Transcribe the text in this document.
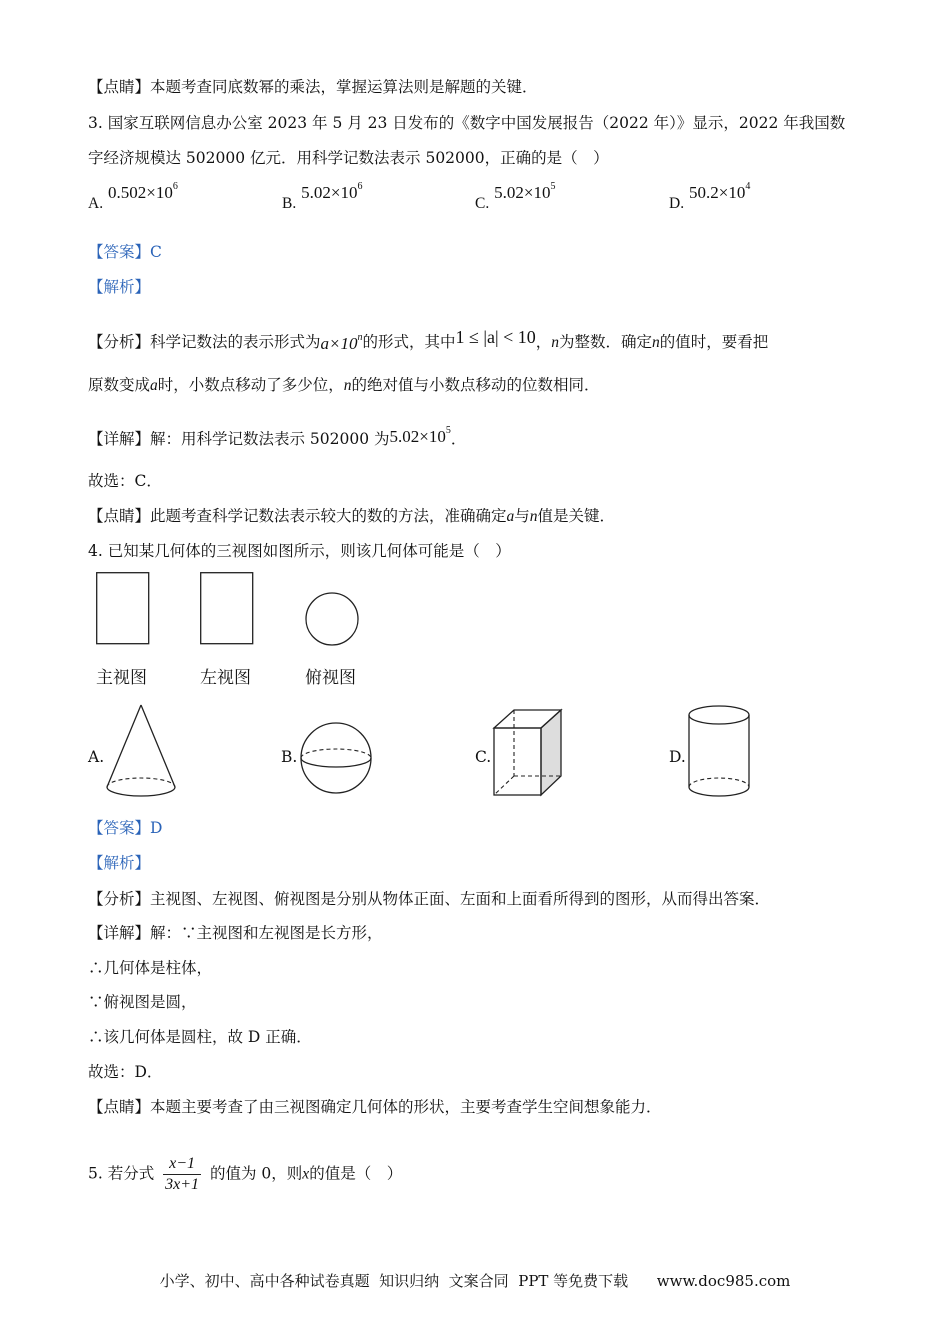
【点睛】本题考查同底数幂的乘法，掌握运算法则是解题的关键．
3. 国家互联网信息办公室 2023 年 5 月 23 日发布的《数字中国发展报告（2022 年）》显示，2022 年我国数
字经济规模达 502000 亿元．用科学记数法表示 502000，正确的是（　）
A. $0.502\times 10^6$
B. $5.02\times 10^6$
C. $5.02\times 10^5$
D. $50.2\times 10^4$
【答案】C
【解析】
【分析】科学记数法的表示形式为$a\times 10^n$的形式，其中1 ≤ |a| < 10，n为整数．确定n的值时，要看把
原数变成a时，小数点移动了多少位，n的绝对值与小数点移动的位数相同．
【详解】解：用科学记数法表示 502000 为$5.02\times 10^5$．
故选：C．
【点睛】此题考查科学记数法表示较大的数的方法，准确确定a与n值是关键．
4. 已知某几何体的三视图如图所示，则该几何体可能是（　）
主视图	左视图	俯视图
A.	B.	C.	D.
【答案】D
【解析】
【分析】主视图、左视图、俯视图是分别从物体正面、左面和上面看所得到的图形，从而得出答案．
【详解】解：∵主视图和左视图是长方形，
∴几何体是柱体，
∵俯视图是圆，
∴该几何体是圆柱，故 D 正确．
故选：D．
【点睛】本题主要考查了由三视图确定几何体的形状，主要考查学生空间想象能力．
5. 若分式 $\frac{x-1}{3x+1}$ 的值为 0，则x的值是（　）
小学、初中、高中各种试卷真题  知识归纳  文案合同  PPT 等免费下载      www.doc985.com
